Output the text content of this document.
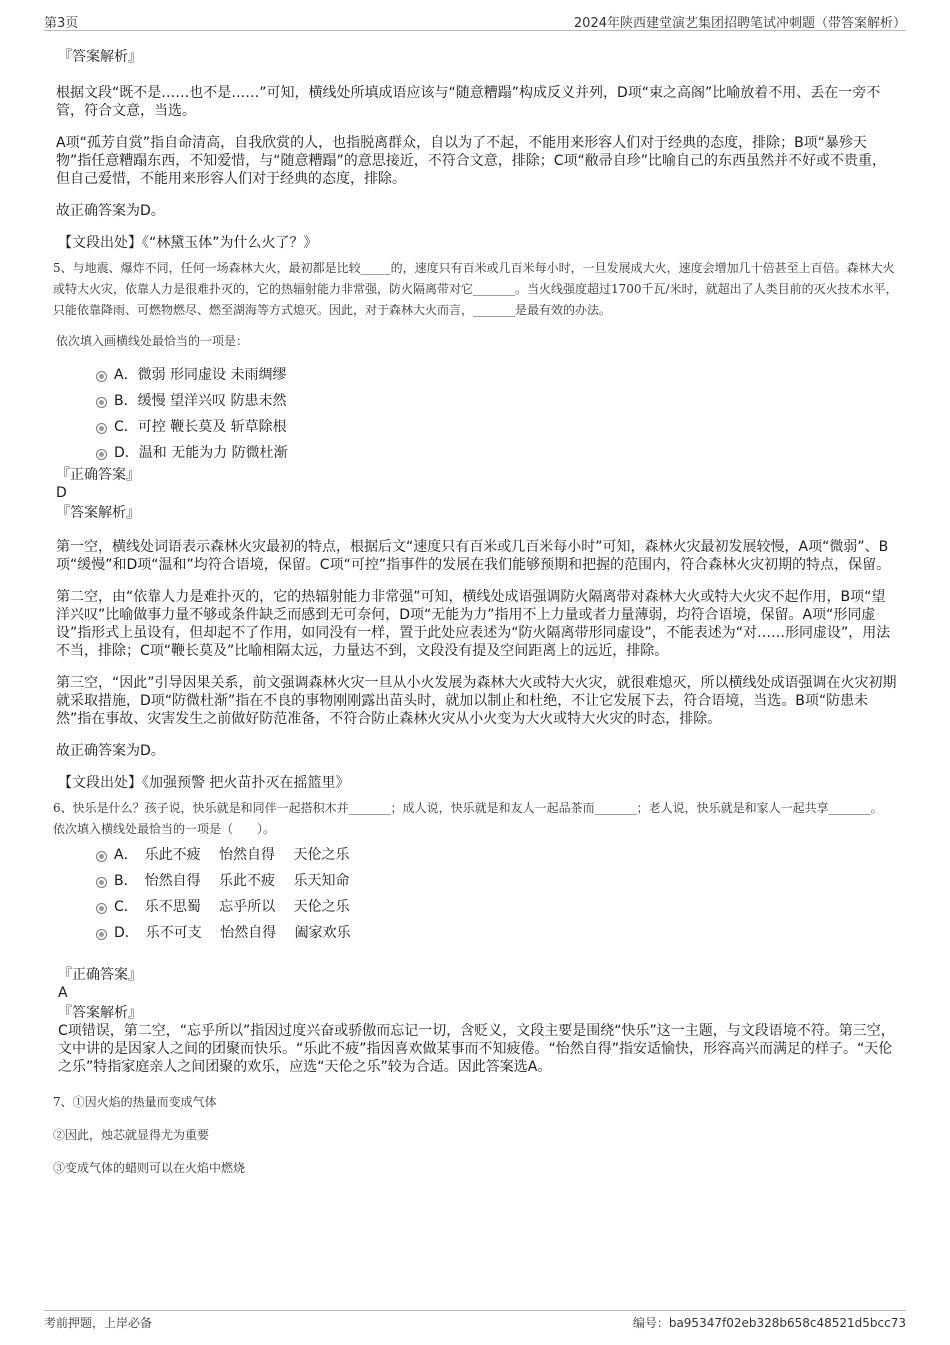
第3页	2024年陕西建堂演艺集团招聘笔试冲刺题（带答案解析）

『答案解析』

根据文段“既不是……也不是……”可知，横线处所填成语应该与“随意糟蹋”构成反义并列，D项“束之高阁”比喻放着不用、丢在一旁不管，符合文意，当选。

A项“孤芳自赏”指自命清高，自我欣赏的人，也指脱离群众，自以为了不起，不能用来形容人们对于经典的态度，排除；B项“暴殄天物”指任意糟蹋东西，不知爱惜，与“随意糟蹋”的意思接近，不符合文意，排除；C项“敝帚自珍”比喻自己的东西虽然并不好或不贵重，但自己爱惜，不能用来形容人们对于经典的态度，排除。

故正确答案为D。

【文段出处】《“林黛玉体”为什么火了？》

5、与地震、爆炸不同，任何一场森林大火，最初都是比较_____的，速度只有百米或几百米每小时，一旦发展成大火，速度会增加几十倍甚至上百倍。森林大火或特大火灾，依靠人力是很难扑灭的，它的热辐射能力非常强，防火隔离带对它_______。当火线强度超过1700千瓦/米时，就超出了人类目前的灭火技术水平，只能依靠降雨、可燃物燃尽、燃至湖海等方式熄灭。因此，对于森林大火而言，_______是最有效的办法。

依次填入画横线处最恰当的一项是：

A．微弱 形同虚设 未雨绸缪
B．缓慢 望洋兴叹 防患未然
C．可控 鞭长莫及 斩草除根
D．温和 无能为力 防微杜渐

『正确答案』

D

『答案解析』

第一空，横线处词语表示森林火灾最初的特点，根据后文“速度只有百米或几百米每小时”可知，森林火灾最初发展较慢，A项“微弱”、B项“缓慢”和D项“温和”均符合语境，保留。C项“可控”指事件的发展在我们能够预期和把握的范围内，符合森林火灾初期的特点，保留。

第二空，由“依靠人力是难扑灭的，它的热辐射能力非常强”可知，横线处成语强调防火隔离带对森林大火或特大火灾不起作用，B项“望洋兴叹”比喻做事力量不够或条件缺乏而感到无可奈何，D项“无能为力”指用不上力量或者力量薄弱，均符合语境，保留。A项“形同虚设”指形式上虽设有，但却起不了作用，如同没有一样，置于此处应表述为“防火隔离带形同虚设”，不能表述为“对……形同虚设”，用法不当，排除；C项“鞭长莫及”比喻相隔太远，力量达不到，文段没有提及空间距离上的远近，排除。

第三空，“因此”引导因果关系，前文强调森林火灾一旦从小火发展为森林大火或特大火灾，就很难熄灭，所以横线处成语强调在火灾初期就采取措施，D项“防微杜渐”指在不良的事物刚刚露出苗头时，就加以制止和杜绝，不让它发展下去，符合语境，当选。B项“防患未然”指在事故、灾害发生之前做好防范准备，不符合防止森林火灾从小火变为大火或特大火灾的时态，排除。

故正确答案为D。

【文段出处】《加强预警 把火苗扑灭在摇篮里》

6、快乐是什么？孩子说，快乐就是和同伴一起搭积木并_______；成人说，快乐就是和友人一起品茶而_______；老人说，快乐就是和家人一起共享_______。

依次填入横线处最恰当的一项是（　　）。

A．　乐此不疲　 怡然自得　 天伦之乐
B．　怡然自得　 乐此不疲　 乐天知命
C．　乐不思蜀　 忘乎所以　 天伦之乐
D．　乐不可支　 怡然自得　 阖家欢乐

『正确答案』

A

『答案解析』

C项错误，第二空，“忘乎所以”指因过度兴奋或骄傲而忘记一切，含贬义，文段主要是围绕“快乐”这一主题，与文段语境不符。第三空，文中讲的是因家人之间的团聚而快乐。“乐此不疲”指因喜欢做某事而不知疲倦。“怡然自得”指安适愉快，形容高兴而满足的样子。“天伦之乐”特指家庭亲人之间团聚的欢乐，应选“天伦之乐”较为合适。因此答案选A。

7、①因火焰的热量而变成气体

②因此，烛芯就显得尤为重要

③变成气体的蜡则可以在火焰中燃烧

考前押题，上岸必备	编号：ba95347f02eb328b658c48521d5bcc73
